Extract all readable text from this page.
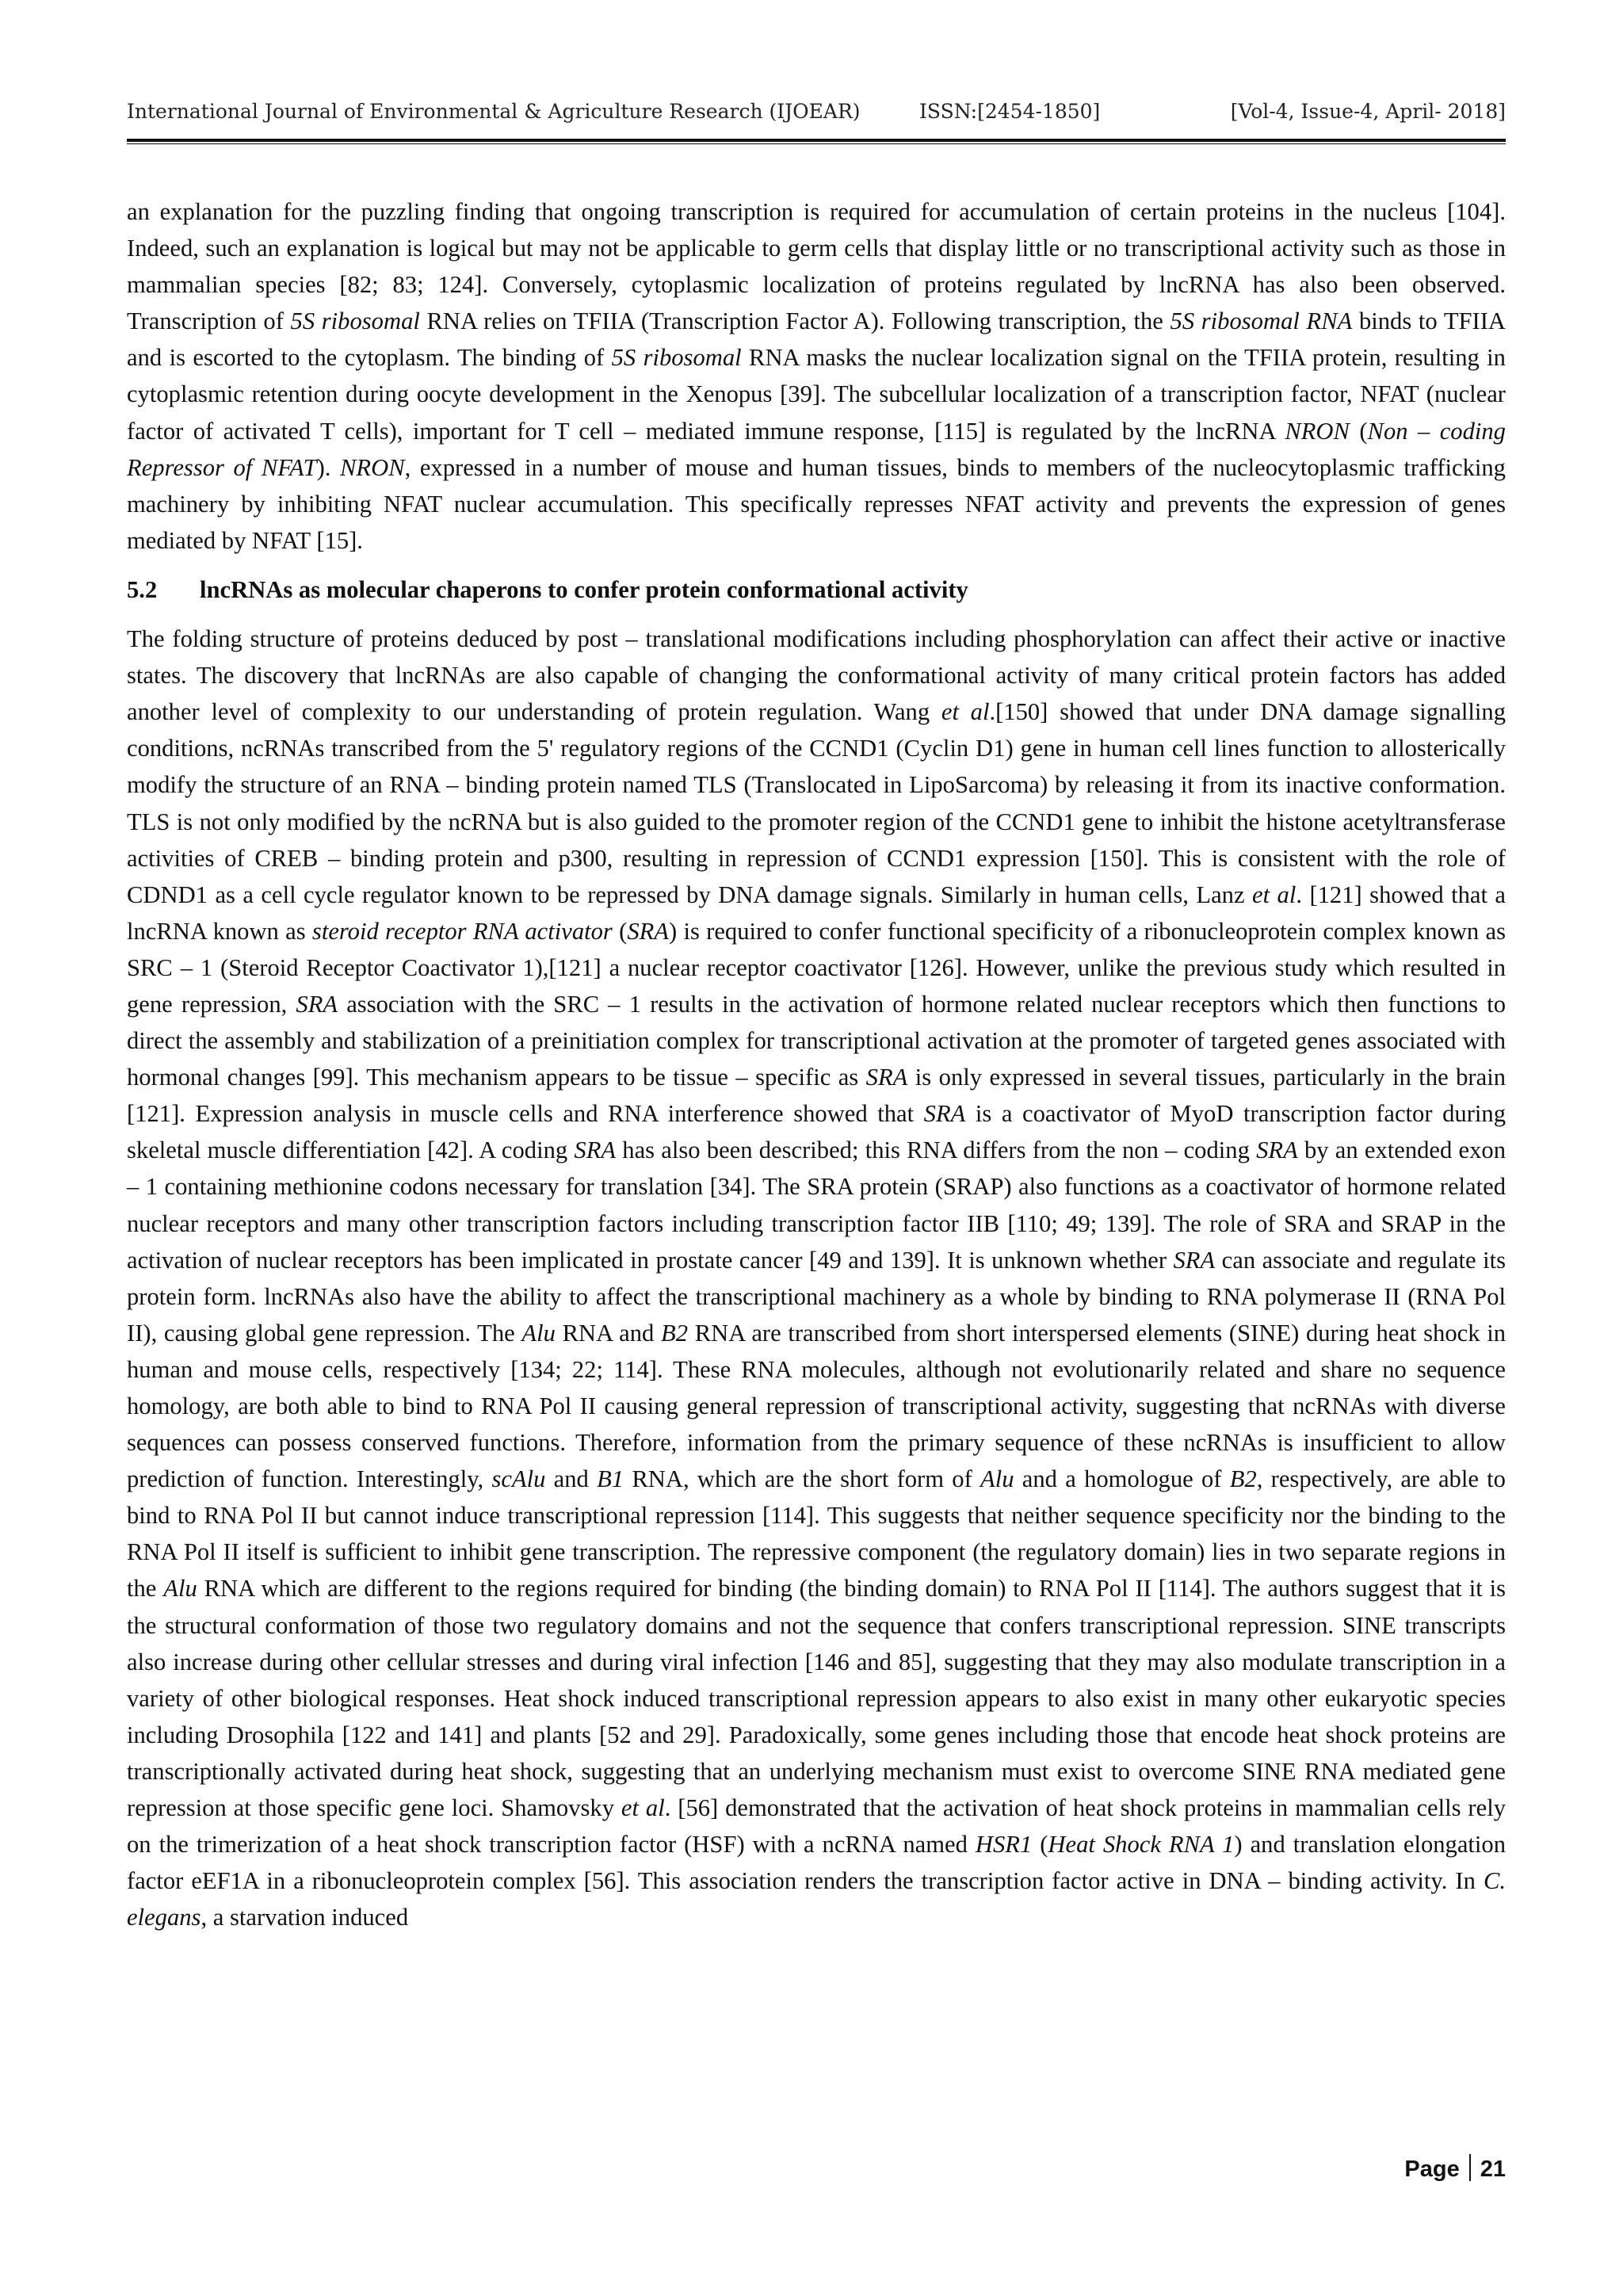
International Journal of Environmental & Agriculture Research (IJOEAR)	ISSN:[2454-1850]	[Vol-4, Issue-4, April- 2018]

an explanation for the puzzling finding that ongoing transcription is required for accumulation of certain proteins in the nucleus [104]. Indeed, such an explanation is logical but may not be applicable to germ cells that display little or no transcriptional activity such as those in mammalian species [82; 83; 124]. Conversely, cytoplasmic localization of proteins regulated by lncRNA has also been observed. Transcription of 5S ribosomal RNA relies on TFIIA (Transcription Factor A). Following transcription, the 5S ribosomal RNA binds to TFIIA and is escorted to the cytoplasm. The binding of 5S ribosomal RNA masks the nuclear localization signal on the TFIIA protein, resulting in cytoplasmic retention during oocyte development in the Xenopus [39]. The subcellular localization of a transcription factor, NFAT (nuclear factor of activated T cells), important for T cell – mediated immune response, [115] is regulated by the lncRNA NRON (Non – coding Repressor of NFAT). NRON, expressed in a number of mouse and human tissues, binds to members of the nucleocytoplasmic trafficking machinery by inhibiting NFAT nuclear accumulation. This specifically represses NFAT activity and prevents the expression of genes mediated by NFAT [15].

5.2 lncRNAs as molecular chaperons to confer protein conformational activity

The folding structure of proteins deduced by post – translational modifications including phosphorylation can affect their active or inactive states. The discovery that lncRNAs are also capable of changing the conformational activity of many critical protein factors has added another level of complexity to our understanding of protein regulation. Wang et al.[150] showed that under DNA damage signalling conditions, ncRNAs transcribed from the 5' regulatory regions of the CCND1 (Cyclin D1) gene in human cell lines function to allosterically modify the structure of an RNA – binding protein named TLS (Translocated in LipoSarcoma) by releasing it from its inactive conformation. TLS is not only modified by the ncRNA but is also guided to the promoter region of the CCND1 gene to inhibit the histone acetyltransferase activities of CREB – binding protein and p300, resulting in repression of CCND1 expression [150]. This is consistent with the role of CDND1 as a cell cycle regulator known to be repressed by DNA damage signals. Similarly in human cells, Lanz et al. [121] showed that a lncRNA known as steroid receptor RNA activator (SRA) is required to confer functional specificity of a ribonucleoprotein complex known as SRC – 1 (Steroid Receptor Coactivator 1),[121] a nuclear receptor coactivator [126]. However, unlike the previous study which resulted in gene repression, SRA association with the SRC – 1 results in the activation of hormone related nuclear receptors which then functions to direct the assembly and stabilization of a preinitiation complex for transcriptional activation at the promoter of targeted genes associated with hormonal changes [99]. This mechanism appears to be tissue – specific as SRA is only expressed in several tissues, particularly in the brain [121]. Expression analysis in muscle cells and RNA interference showed that SRA is a coactivator of MyoD transcription factor during skeletal muscle differentiation [42]. A coding SRA has also been described; this RNA differs from the non – coding SRA by an extended exon – 1 containing methionine codons necessary for translation [34]. The SRA protein (SRAP) also functions as a coactivator of hormone related nuclear receptors and many other transcription factors including transcription factor IIB [110; 49; 139]. The role of SRA and SRAP in the activation of nuclear receptors has been implicated in prostate cancer [49 and 139]. It is unknown whether SRA can associate and regulate its protein form. lncRNAs also have the ability to affect the transcriptional machinery as a whole by binding to RNA polymerase II (RNA Pol II), causing global gene repression. The Alu RNA and B2 RNA are transcribed from short interspersed elements (SINE) during heat shock in human and mouse cells, respectively [134; 22; 114]. These RNA molecules, although not evolutionarily related and share no sequence homology, are both able to bind to RNA Pol II causing general repression of transcriptional activity, suggesting that ncRNAs with diverse sequences can possess conserved functions. Therefore, information from the primary sequence of these ncRNAs is insufficient to allow prediction of function. Interestingly, scAlu and B1 RNA, which are the short form of Alu and a homologue of B2, respectively, are able to bind to RNA Pol II but cannot induce transcriptional repression [114]. This suggests that neither sequence specificity nor the binding to the RNA Pol II itself is sufficient to inhibit gene transcription. The repressive component (the regulatory domain) lies in two separate regions in the Alu RNA which are different to the regions required for binding (the binding domain) to RNA Pol II [114]. The authors suggest that it is the structural conformation of those two regulatory domains and not the sequence that confers transcriptional repression. SINE transcripts also increase during other cellular stresses and during viral infection [146 and 85], suggesting that they may also modulate transcription in a variety of other biological responses. Heat shock induced transcriptional repression appears to also exist in many other eukaryotic species including Drosophila [122 and 141] and plants [52 and 29]. Paradoxically, some genes including those that encode heat shock proteins are transcriptionally activated during heat shock, suggesting that an underlying mechanism must exist to overcome SINE RNA mediated gene repression at those specific gene loci. Shamovsky et al. [56] demonstrated that the activation of heat shock proteins in mammalian cells rely on the trimerization of a heat shock transcription factor (HSF) with a ncRNA named HSR1 (Heat Shock RNA 1) and translation elongation factor eEF1A in a ribonucleoprotein complex [56]. This association renders the transcription factor active in DNA – binding activity. In C. elegans, a starvation induced

Page 21
